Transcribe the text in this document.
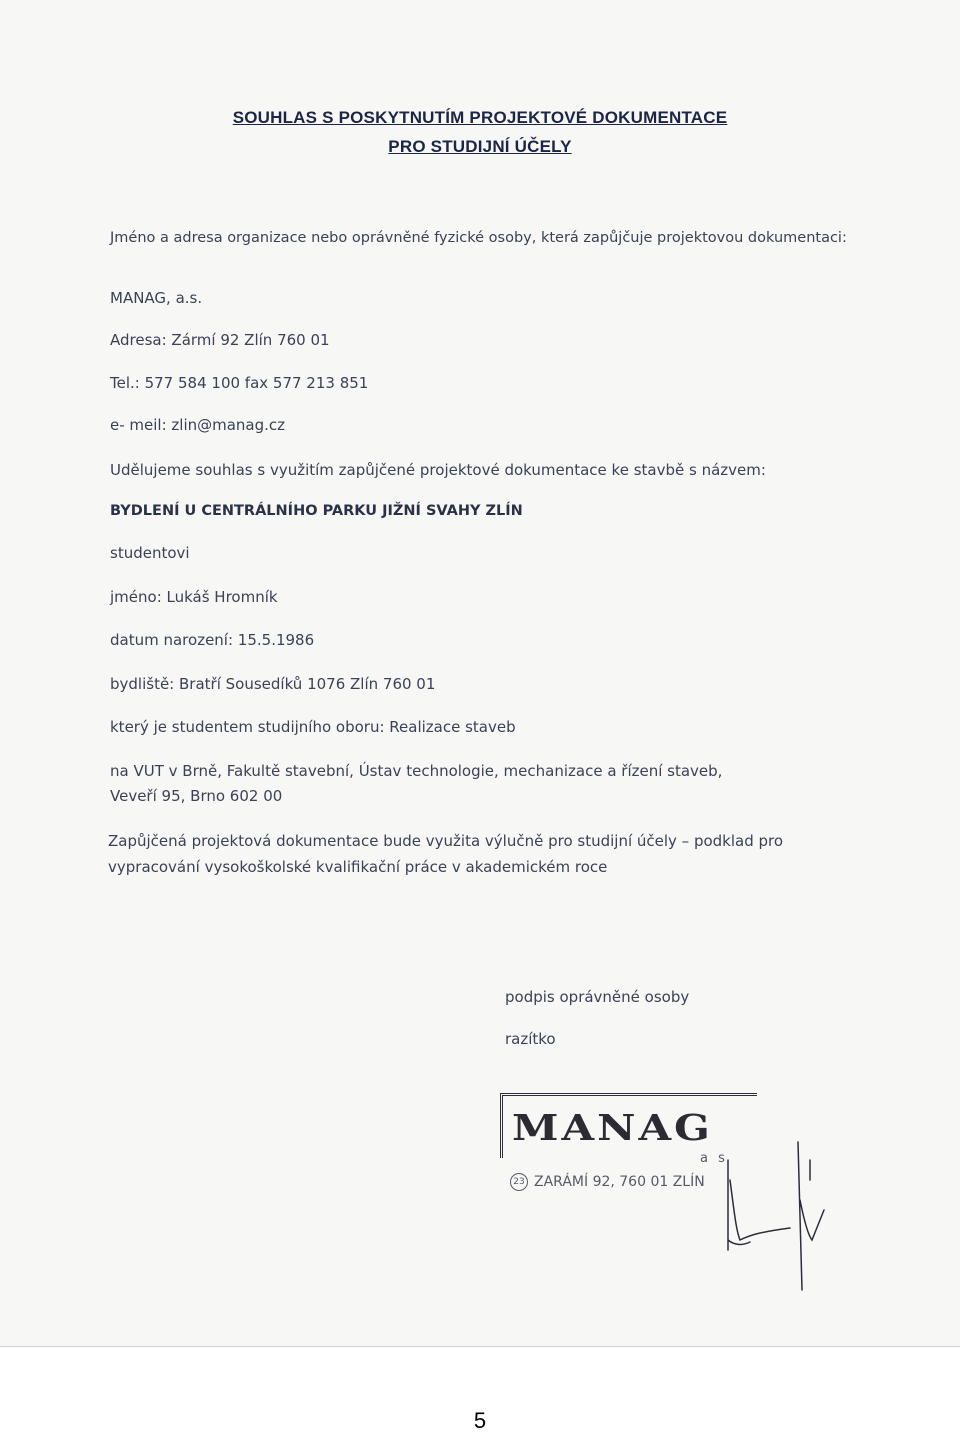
SOUHLAS S POSKYTNUTÍM PROJEKTOVÉ DOKUMENTACE
PRO STUDIJNÍ ÚČELY
Jméno a adresa organizace nebo oprávněné fyzické osoby, která zapůjčuje projektovou dokumentaci:
MANAG, a.s.
Adresa: Zármí 92 Zlín 760 01
Tel.: 577 584 100 fax 577 213 851
e- meil: zlin@manag.cz
Udělujeme souhlas s využitím zapůjčené projektové dokumentace ke stavbě s názvem:
BYDLENÍ U CENTRÁLNÍHO PARKU JIŽNÍ SVAHY ZLÍN
studentovi
jméno: Lukáš Hromník
datum narození: 15.5.1986
bydliště: Bratří Sousedíků 1076 Zlín 760 01
který je studentem studijního oboru: Realizace staveb
na VUT v Brně, Fakultě stavební, Ústav technologie, mechanizace a řízení staveb,
Veveří 95, Brno 602 00
Zapůjčená projektová dokumentace bude využita výlučně pro studijní účely – podklad pro
vypracování vysokoškolské kvalifikační práce v akademickém roce
podpis oprávněné osoby
razítko
MANAG
a s
23 ZARÁMÍ 92, 760 01 ZLÍN
5
